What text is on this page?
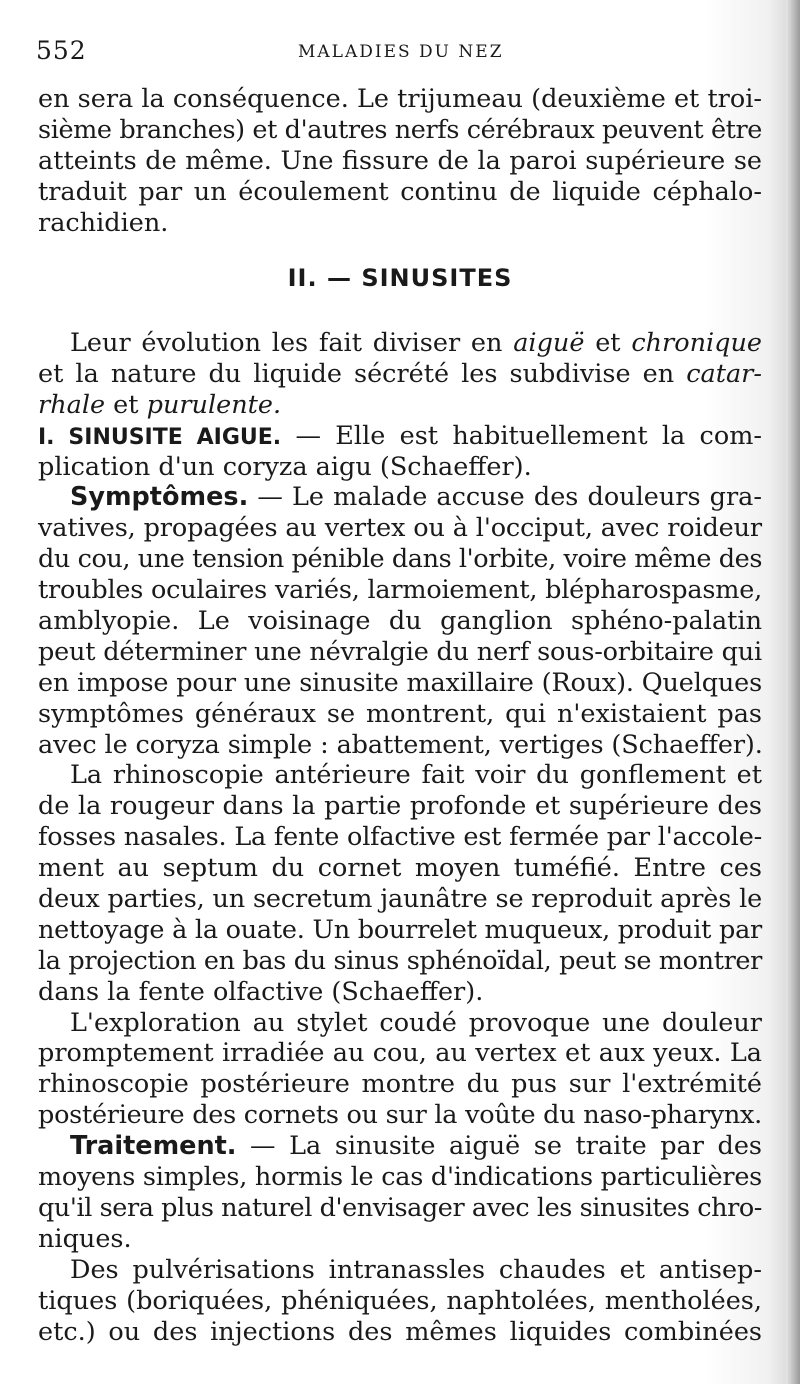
552	MALADIES DU NEZ
en sera la conséquence. Le trijumeau (deuxième et troi-
sième branches) et d'autres nerfs cérébraux peuvent être
atteints de même. Une fissure de la paroi supérieure se
traduit par un écoulement continu de liquide céphalo-
rachidien.
II. — SINUSITES
Leur évolution les fait diviser en aiguë et chronique
et la nature du liquide sécrété les subdivise en catar-
rhale et purulente.
I. SINUSITE AIGUE. — Elle est habituellement la com-
plication d'un coryza aigu (Schaeffer).
Symptômes. — Le malade accuse des douleurs gra-
vatives, propagées au vertex ou à l'occiput, avec roideur
du cou, une tension pénible dans l'orbite, voire même des
troubles oculaires variés, larmoiement, blépharospasme,
amblyopie. Le voisinage du ganglion sphéno-palatin
peut déterminer une névralgie du nerf sous-orbitaire qui
en impose pour une sinusite maxillaire (Roux). Quelques
symptômes généraux se montrent, qui n'existaient pas
avec le coryza simple : abattement, vertiges (Schaeffer).
La rhinoscopie antérieure fait voir du gonflement et
de la rougeur dans la partie profonde et supérieure des
fosses nasales. La fente olfactive est fermée par l'accole-
ment au septum du cornet moyen tuméfié. Entre ces
deux parties, un secretum jaunâtre se reproduit après le
nettoyage à la ouate. Un bourrelet muqueux, produit par
la projection en bas du sinus sphénoïdal, peut se montrer
dans la fente olfactive (Schaeffer).
L'exploration au stylet coudé provoque une douleur
promptement irradiée au cou, au vertex et aux yeux. La
rhinoscopie postérieure montre du pus sur l'extrémité
postérieure des cornets ou sur la voûte du naso-pharynx.
Traitement. — La sinusite aiguë se traite par des
moyens simples, hormis le cas d'indications particulières
qu'il sera plus naturel d'envisager avec les sinusites chro-
niques.
Des pulvérisations intranassles chaudes et antisep-
tiques (boriquées, phéniquées, naphtolées, mentholées,
etc.) ou des injections des mêmes liquides combinées
